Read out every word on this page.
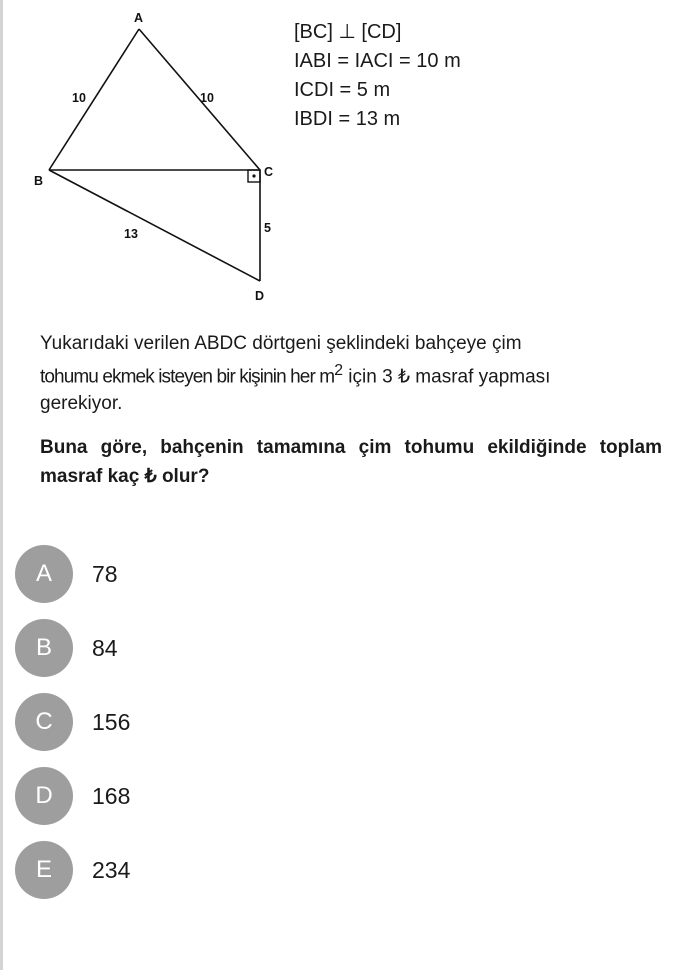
A
B
C
D
10	10
13	5
[BC] ⊥ [CD]
IABI = IACI = 10 m
ICDI = 5 m
IBDI = 13 m
Yukarıdaki verilen ABDC dörtgeni şeklindeki bahçeye çim
tohumu ekmek isteyen bir kişinin her $m^2$ için 3 ₺ masraf yapması
gerekiyor.
Buna göre, bahçenin tamamına çim tohumu ekildiğinde toplam masraf kaç ₺ olur?
A	78
B	84
C	156
D	168
E	234
